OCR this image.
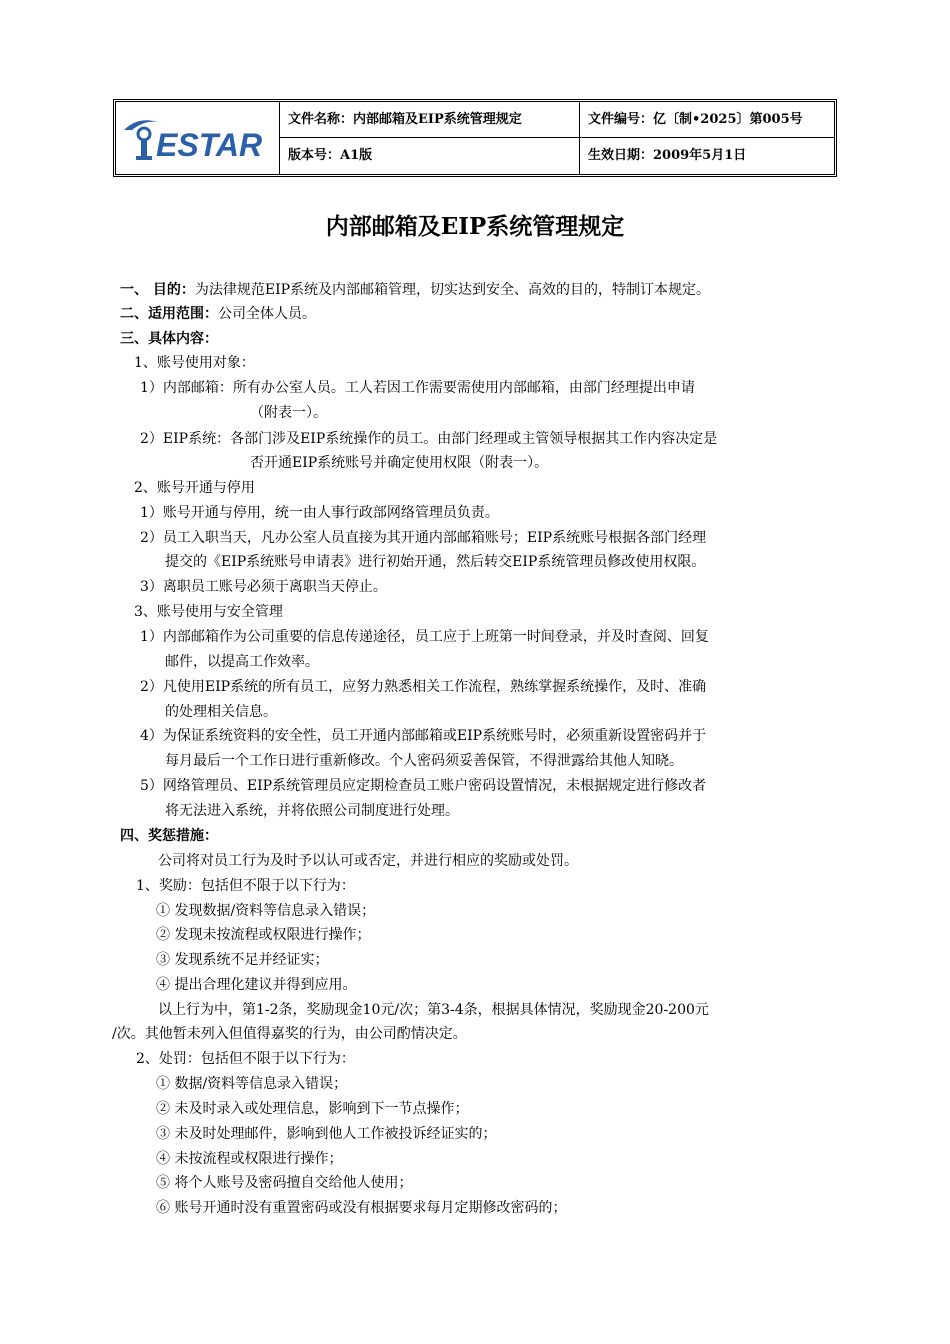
ESTAR
文件名称：内部邮箱及EIP系统管理规定	文件编号：亿〔制•2025〕第005号
版本号：A1版	生效日期：2009年5月1日
内部邮箱及EIP系统管理规定

一、 目的：为法律规范EIP系统及内部邮箱管理，切实达到安全、高效的目的，特制订本规定。

二、适用范围：公司全体人员。

三、具体内容：

1、账号使用对象：

1）内部邮箱：所有办公室人员。工人若因工作需要需使用内部邮箱，由部门经理提出申请

（附表一）。

2）EIP系统：各部门涉及EIP系统操作的员工。由部门经理或主管领导根据其工作内容决定是

否开通EIP系统账号并确定使用权限（附表一）。

2、账号开通与停用

1）账号开通与停用，统一由人事行政部网络管理员负责。

2）员工入职当天，凡办公室人员直接为其开通内部邮箱账号；EIP系统账号根据各部门经理

提交的《EIP系统账号申请表》进行初始开通，然后转交EIP系统管理员修改使用权限。

3）离职员工账号必须于离职当天停止。

3、账号使用与安全管理

1）内部邮箱作为公司重要的信息传递途径，员工应于上班第一时间登录，并及时查阅、回复

邮件，以提高工作效率。

2）凡使用EIP系统的所有员工，应努力熟悉相关工作流程，熟练掌握系统操作，及时、准确

的处理相关信息。

4）为保证系统资料的安全性，员工开通内部邮箱或EIP系统账号时，必须重新设置密码并于

每月最后一个工作日进行重新修改。个人密码须妥善保管，不得泄露给其他人知晓。

5）网络管理员、EIP系统管理员应定期检查员工账户密码设置情况，未根据规定进行修改者

将无法进入系统，并将依照公司制度进行处理。

四、奖惩措施：

公司将对员工行为及时予以认可或否定，并进行相应的奖励或处罚。

1、奖励：包括但不限于以下行为：

① 发现数据/资料等信息录入错误；

② 发现未按流程或权限进行操作；

③ 发现系统不足并经证实；

④ 提出合理化建议并得到应用。

以上行为中，第1-2条，奖励现金10元/次；第3-4条，根据具体情况，奖励现金20-200元

/次。其他暂未列入但值得嘉奖的行为，由公司酌情决定。

2、处罚：包括但不限于以下行为：

① 数据/资料等信息录入错误；

② 未及时录入或处理信息，影响到下一节点操作；

③ 未及时处理邮件，影响到他人工作被投诉经证实的；

④ 未按流程或权限进行操作；

⑤ 将个人账号及密码擅自交给他人使用；

⑥ 账号开通时没有重置密码或没有根据要求每月定期修改密码的；
